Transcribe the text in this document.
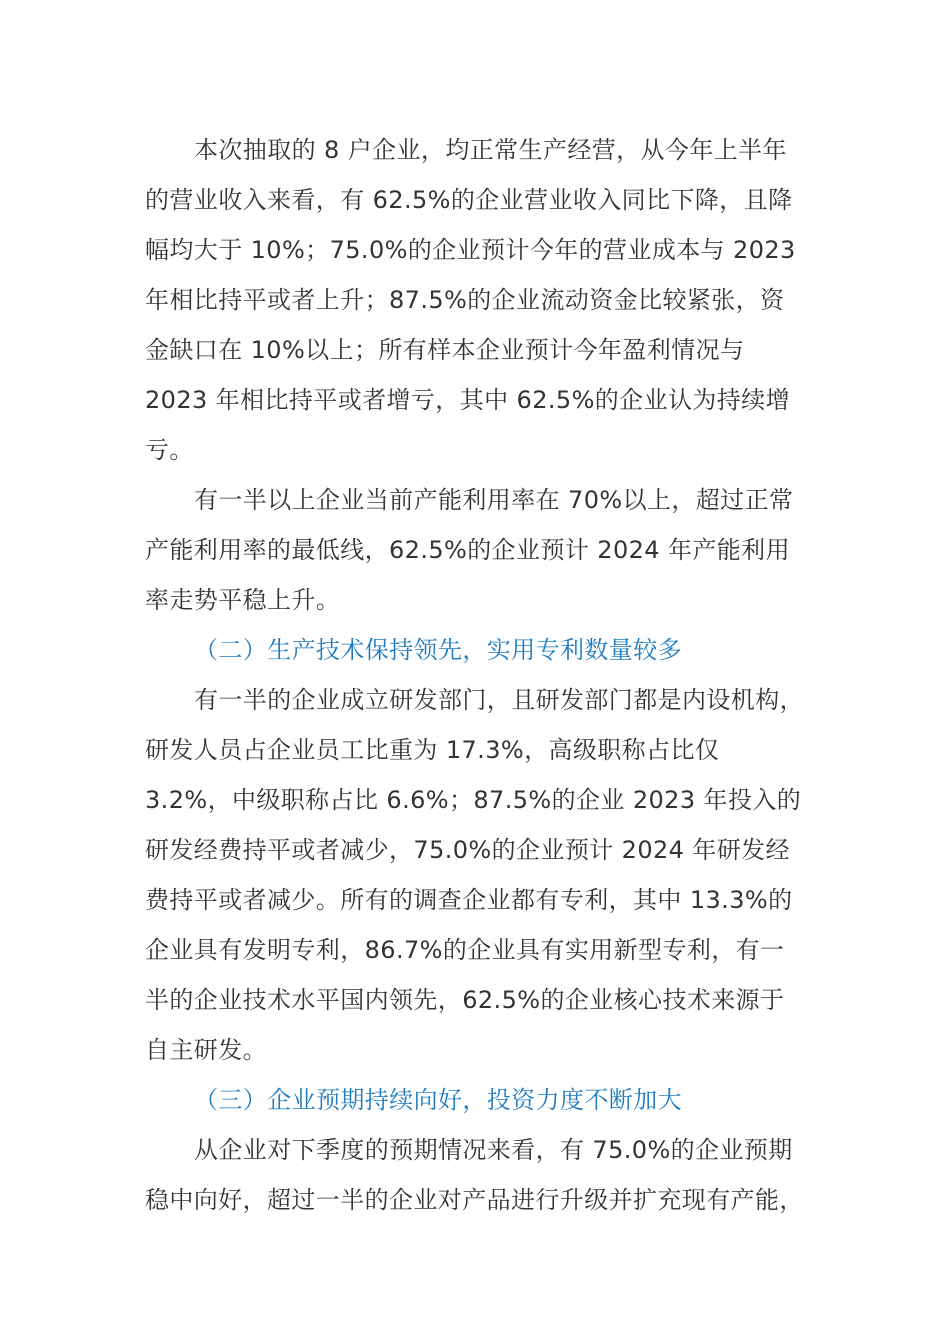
本次抽取的 8 户企业，均正常生产经营，从今年上半年
的营业收入来看，有 62.5%的企业营业收入同比下降，且降
幅均大于 10%；75.0%的企业预计今年的营业成本与 2023
年相比持平或者上升；87.5%的企业流动资金比较紧张，资
金缺口在 10%以上；所有样本企业预计今年盈利情况与
2023 年相比持平或者增亏，其中 62.5%的企业认为持续增
亏。
有一半以上企业当前产能利用率在 70%以上，超过正常
产能利用率的最低线，62.5%的企业预计 2024 年产能利用
率走势平稳上升。
（二）生产技术保持领先，实用专利数量较多
有一半的企业成立研发部门，且研发部门都是内设机构，
研发人员占企业员工比重为 17.3%，高级职称占比仅
3.2%，中级职称占比 6.6%；87.5%的企业 2023 年投入的
研发经费持平或者减少，75.0%的企业预计 2024 年研发经
费持平或者减少。所有的调查企业都有专利，其中 13.3%的
企业具有发明专利，86.7%的企业具有实用新型专利，有一
半的企业技术水平国内领先，62.5%的企业核心技术来源于
自主研发。
（三）企业预期持续向好，投资力度不断加大
从企业对下季度的预期情况来看，有 75.0%的企业预期
稳中向好，超过一半的企业对产品进行升级并扩充现有产能，
